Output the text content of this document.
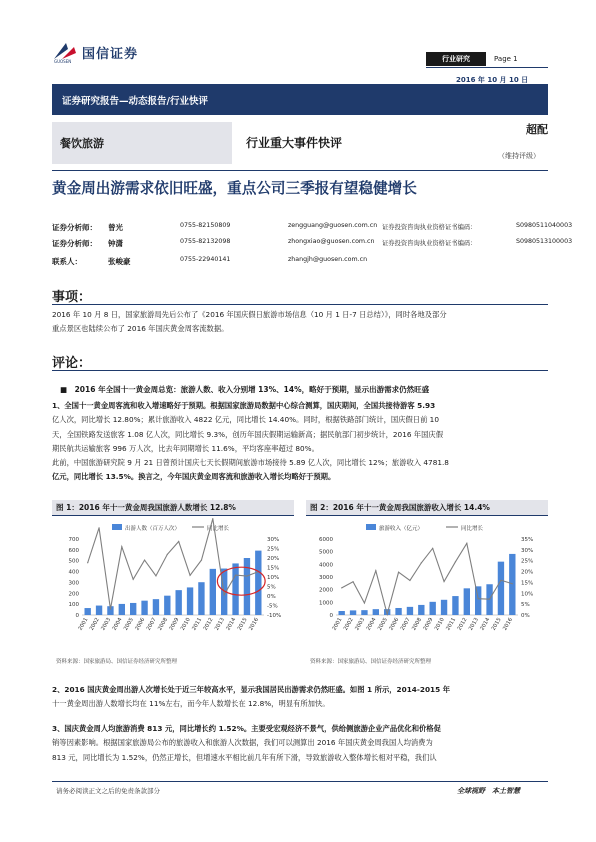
国信证券
GUOSEN	行业研究	Page 1
证券研究报告—动态报告/行业快评
2016 年 10 月 10 日
餐饮旅游	行业重大事件快评
超配
（维持评级）
黄金周出游需求依旧旺盛，重点公司三季报有望稳健增长
证券分析师： 曾光	0755-82150809	zengguang@guosen.com.cn 证券投资咨询执业资格证书编码：	S0980511040003
证券分析师： 钟潇	0755-82132098	zhongxiao@guosen.com.cn 证券投资咨询执业资格证书编码：	S0980513100003
联系人：	张峻豪	0755-22940141	zhangjh@guosen.com.cn
事项：
2016 年 10 月 8 日，国家旅游局先后公布了《2016 年国庆假日旅游市场信息（10 月 1 日-7 日总结）》，同时各地及部分
重点景区也陆续公布了 2016 年国庆黄金周客流数据。
评论：
■　2016 年全国十一黄金周总览：旅游人数、收入分别增 13%、14%，略好于预期，显示出游需求仍然旺盛
1、全国十一黄金周客流和收入增速略好于预期。根据国家旅游局数据中心综合测算，国庆期间，全国共接待游客 5.93
亿人次，同比增长 12.80%；累计旅游收入 4822 亿元，同比增长 14.40%。同时，根据铁路部门统计，国庆假日前 10
天，全国铁路发送旅客 1.08 亿人次，同比增长 9.3%，创历年国庆假期运输新高；据民航部门初步统计，2016 年国庆假
期民航共运输旅客 996 万人次，比去年同期增长 11.6%，平均客座率超过 80%。
此前，中国旅游研究院 9 月 21 日曾预计国庆七天长假期间旅游市场接待 5.89 亿人次，同比增长 12%；旅游收入 4781.8
亿元，同比增长 13.5%。换言之，今年国庆黄金周客流和旅游收入增长均略好于预期。
图 1：2016 年十一黄金周我国旅游人数增长 12.8%
出游人数（百万人次）	同比增长
0
100
200
300
400
500
600
700
-10%
-5%
0%
5%
10%
15%
20%
25%
30%
2001 2002 2003 2004 2005 2006 2007 2008 2009 2010 2011 2012 2013 2014 2015 2016
资料来源：国家旅游局、国信证券经济研究所整理
图 2：2016 年十一黄金周我国旅游收入增长 14.4%
旅游收入（亿元）	同比增长
0
1000
2000
3000
4000
5000
6000
0%
5%
10%
15%
20%
25%
30%
35%
2001 2002 2003 2004 2005 2006 2007 2008 2009 2010 2011 2012 2013 2014 2015 2016
资料来源：国家旅游局、国信证券经济研究所整理
2、2016 国庆黄金周出游人次增长处于近三年较高水平，显示我国居民出游需求仍然旺盛。如图 1 所示，2014-2015 年
十一黄金周出游人数增长均在 11%左右，而今年人数增长在 12.8%，明显有所加快。
3、国庆黄金周人均旅游消费 813 元，同比增长约 1.52%。主要受宏观经济不景气，供给侧旅游企业产品优化和价格促
销等因素影响。根据国家旅游局公布的旅游收入和旅游人次数据，我们可以测算出 2016 年国庆黄金周我国人均消费为
813 元，同比增长为 1.52%，仍然正增长，但增速水平相比前几年有所下滑，导致旅游收入整体增长相对平稳，我们认
请务必阅读正文之后的免责条款部分	全球视野　本土智慧
